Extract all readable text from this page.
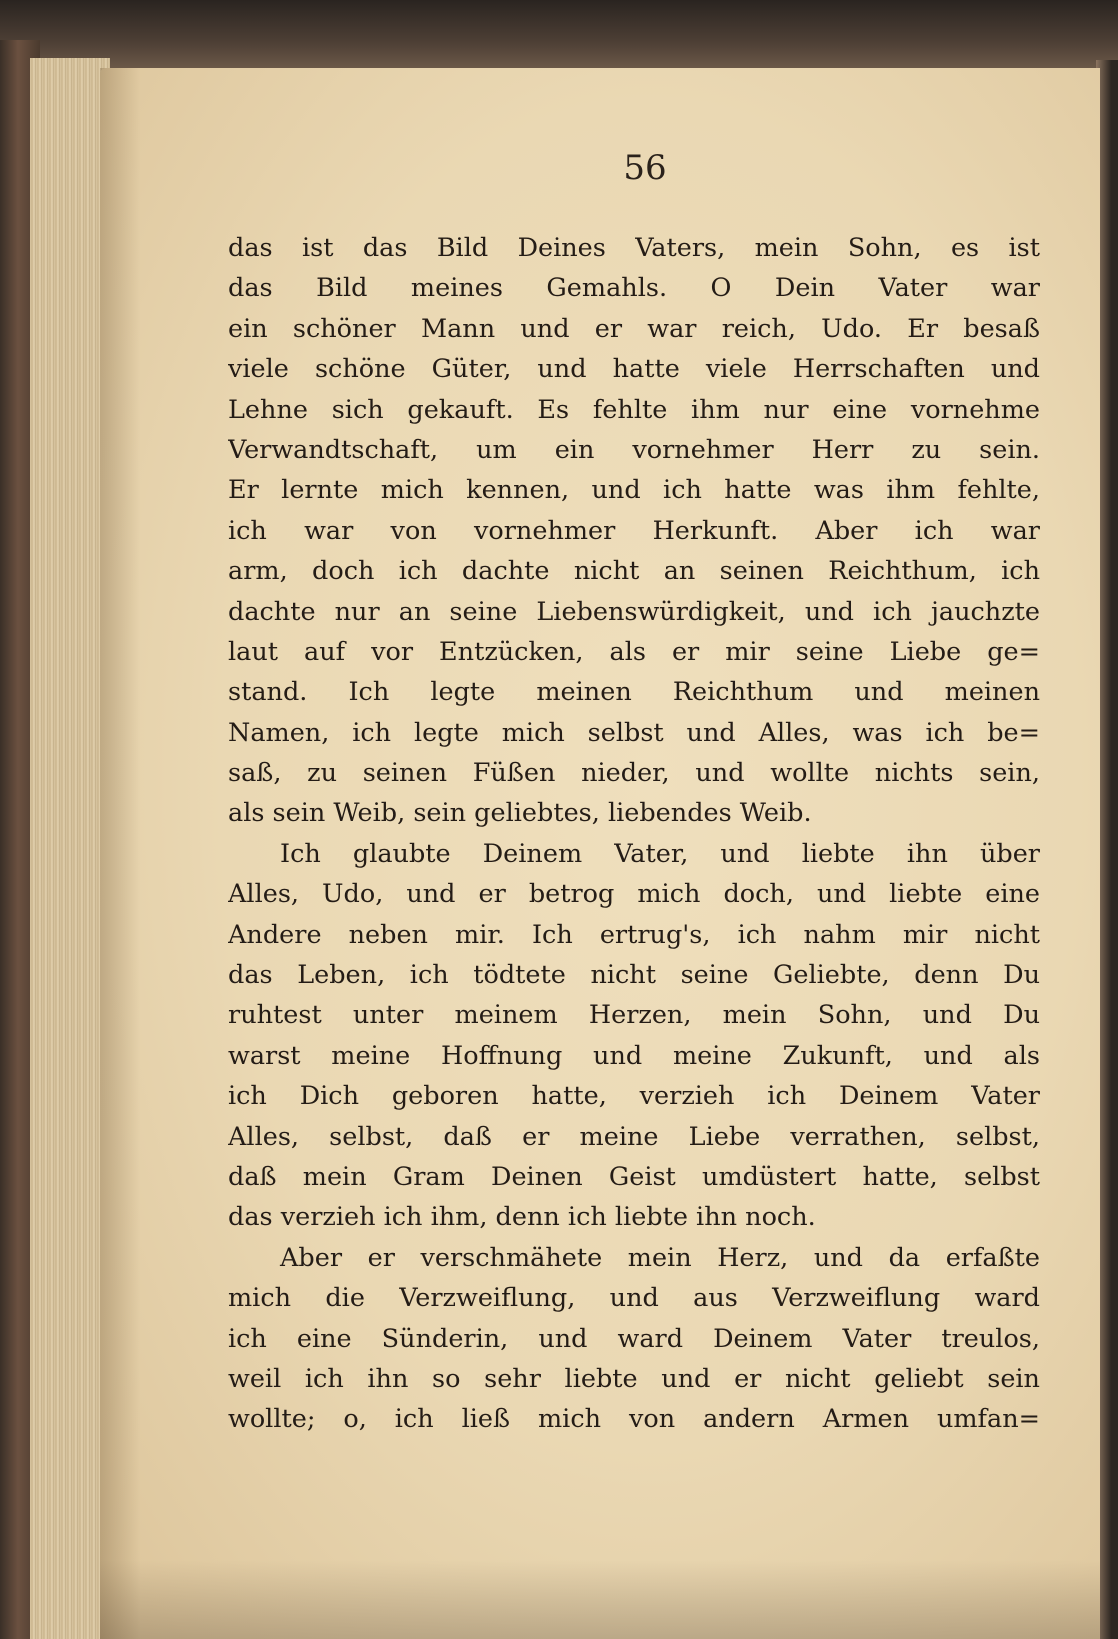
56
das ist das Bild Deines Vaters, mein Sohn, es ist
das Bild meines Gemahls. O Dein Vater war
ein schöner Mann und er war reich, Udo. Er besaß
viele schöne Güter, und hatte viele Herrschaften und
Lehne sich gekauft. Es fehlte ihm nur eine vornehme
Verwandtschaft, um ein vornehmer Herr zu sein.
Er lernte mich kennen, und ich hatte was ihm fehlte,
ich war von vornehmer Herkunft. Aber ich war
arm, doch ich dachte nicht an seinen Reichthum, ich
dachte nur an seine Liebenswürdigkeit, und ich jauchzte
laut auf vor Entzücken, als er mir seine Liebe ge=
stand. Ich legte meinen Reichthum und meinen
Namen, ich legte mich selbst und Alles, was ich be=
saß, zu seinen Füßen nieder, und wollte nichts sein,
als sein Weib, sein geliebtes, liebendes Weib.
Ich glaubte Deinem Vater, und liebte ihn über
Alles, Udo, und er betrog mich doch, und liebte eine
Andere neben mir. Ich ertrug's, ich nahm mir nicht
das Leben, ich tödtete nicht seine Geliebte, denn Du
ruhtest unter meinem Herzen, mein Sohn, und Du
warst meine Hoffnung und meine Zukunft, und als
ich Dich geboren hatte, verzieh ich Deinem Vater
Alles, selbst, daß er meine Liebe verrathen, selbst,
daß mein Gram Deinen Geist umdüstert hatte, selbst
das verzieh ich ihm, denn ich liebte ihn noch.
Aber er verschmähete mein Herz, und da erfaßte
mich die Verzweiflung, und aus Verzweiflung ward
ich eine Sünderin, und ward Deinem Vater treulos,
weil ich ihn so sehr liebte und er nicht geliebt sein
wollte; o, ich ließ mich von andern Armen umfan=
